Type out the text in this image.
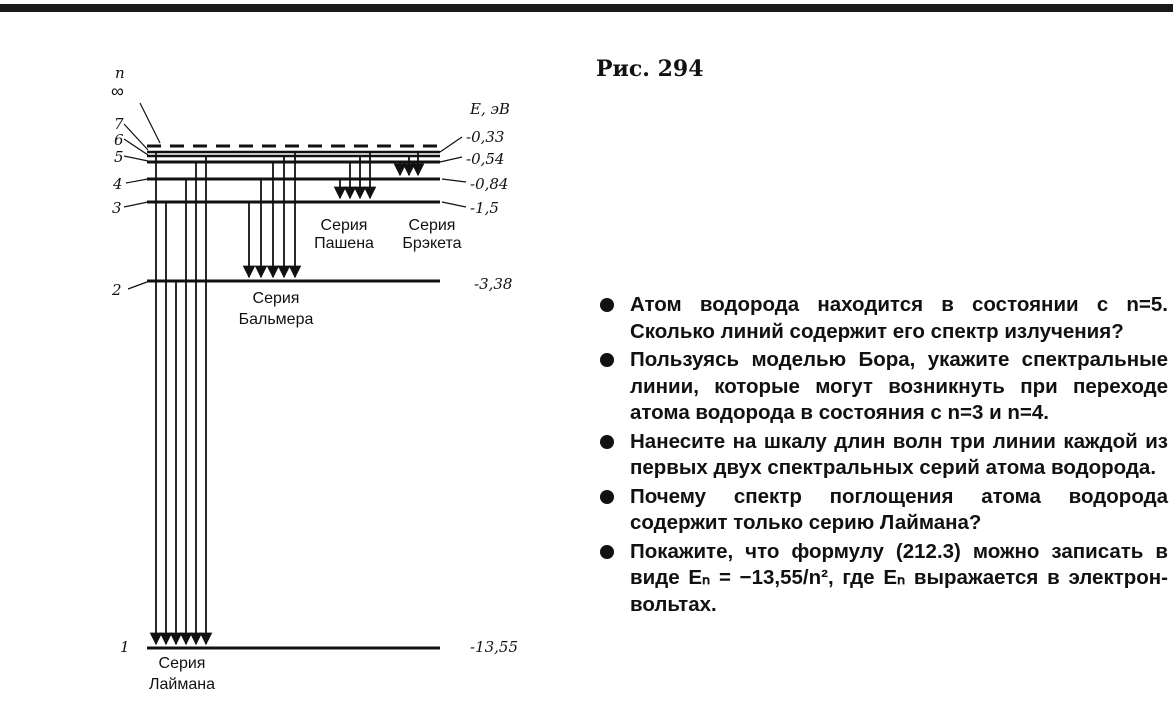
n
∞
7
6
5
4
3
2
1
E, эВ
-0,33
-0,54
-0,84
-1,5
-3,38
-13,55
Серия
Лаймана
Серия
Бальмера
Серия
Пашена
Серия
Брэкета
Рис. 294
Атом водорода находится в состоянии с n=5. Сколько линий содержит его спектр излучения?
Пользуясь моделью Бора, укажите спектральные линии, которые могут возникнуть при переходе атома водорода в состояния с n=3 и n=4.
Нанесите на шкалу длин волн три линии каждой из первых двух спектральных серий атома водорода.
Почему спектр поглощения атома водорода содержит только серию Лаймана?
Покажите, что формулу (212.3) можно записать в виде Eₙ = −13,55/n², где Eₙ выражается в электрон-вольтах.
